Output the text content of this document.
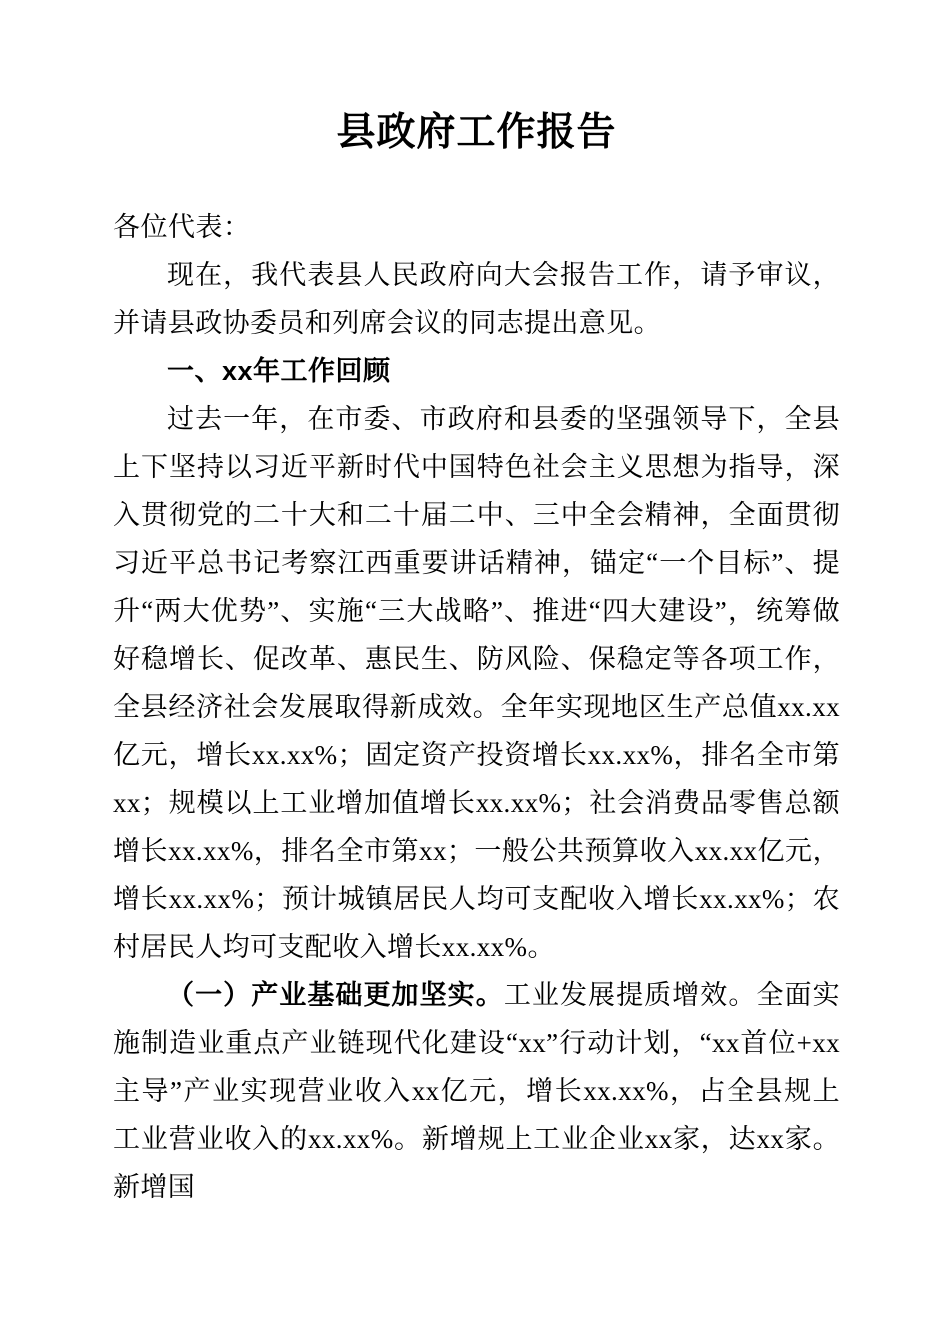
县政府工作报告

各位代表：

现在，我代表县人民政府向大会报告工作，请予审议，并请县政协委员和列席会议的同志提出意见。

一、xx年工作回顾

过去一年，在市委、市政府和县委的坚强领导下，全县上下坚持以习近平新时代中国特色社会主义思想为指导，深入贯彻党的二十大和二十届二中、三中全会精神，全面贯彻习近平总书记考察江西重要讲话精神，锚定“一个目标”、提升“两大优势”、实施“三大战略”、推进“四大建设”，统筹做好稳增长、促改革、惠民生、防风险、保稳定等各项工作，全县经济社会发展取得新成效。全年实现地区生产总值xx.xx亿元，增长xx.xx%；固定资产投资增长xx.xx%，排名全市第xx；规模以上工业增加值增长xx.xx%；社会消费品零售总额增长xx.xx%，排名全市第xx；一般公共预算收入xx.xx亿元，增长xx.xx%；预计城镇居民人均可支配收入增长xx.xx%；农村居民人均可支配收入增长xx.xx%。

（一）产业基础更加坚实。工业发展提质增效。全面实施制造业重点产业链现代化建设“xx”行动计划，“xx首位+xx主导”产业实现营业收入xx亿元，增长xx.xx%，占全县规上工业营业收入的xx.xx%。新增规上工业企业xx家，达xx家。新增国
